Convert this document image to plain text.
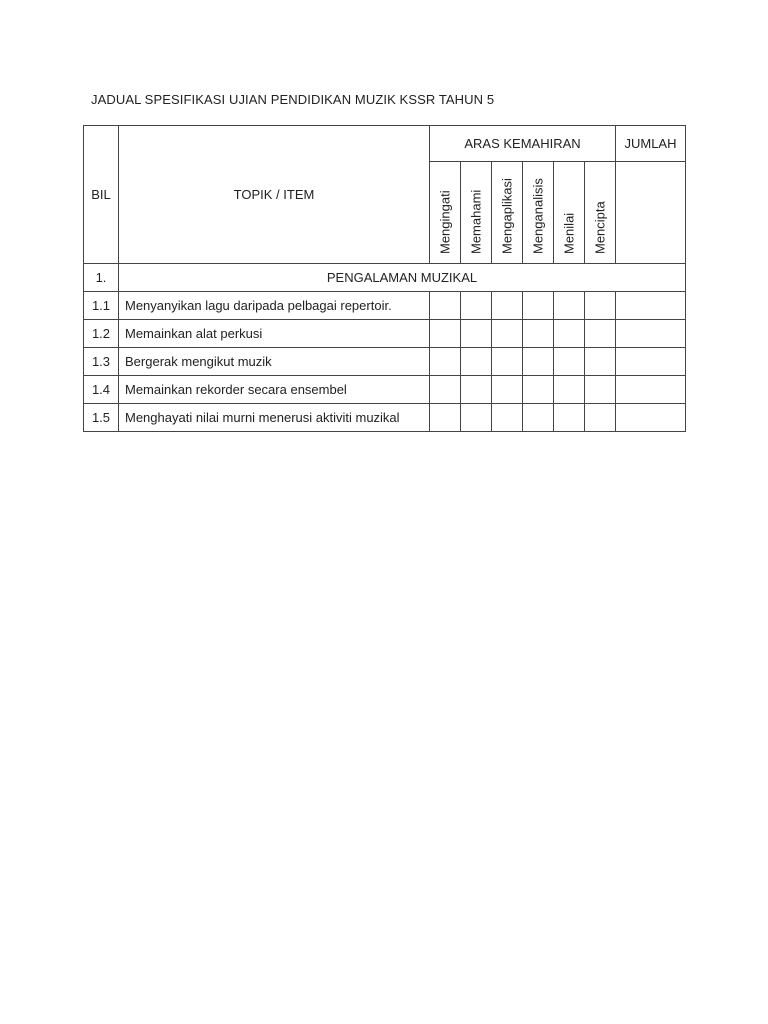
JADUAL SPESIFIKASI UJIAN PENDIDIKAN MUZIK KSSR TAHUN 5
BIL	TOPIK / ITEM	ARAS KEMAHIRAN						JUMLAH

		Mengingati	Memahami	Mengaplikasi	Menganalisis	Menilai	Mencipta	

1.	PENGALAMAN MUZIKAL							
1.1	Menyanyikan lagu daripada pelbagai repertoir.							
1.2	Memainkan alat perkusi							
1.3	Bergerak mengikut muzik							
1.4	Memainkan rekorder secara ensembel							
1.5	Menghayati nilai murni menerusi aktiviti muzikal							
